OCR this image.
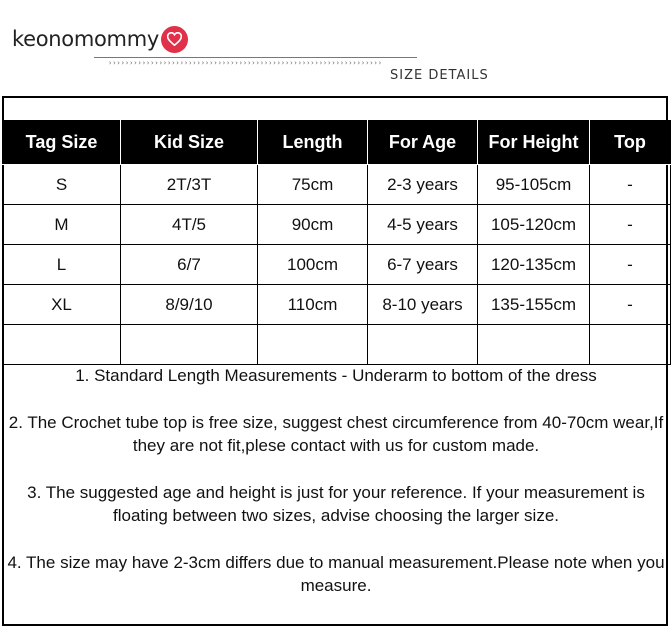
keonomommy
›››››››››››››››››››››››››››››››››››››››››››››››››››››››››››››››››
SIZE DETAILS
Tag Size	Kid Size	Length	For Age	For Height	Top
S	2T/3T	75cm	2-3 years	95-105cm	-
M	4T/5	90cm	4-5 years	105-120cm	-
L	6/7	100cm	6-7 years	120-135cm	-
XL	8/9/10	110cm	8-10 years	135-155cm	-

1. Standard Length Measurements - Underarm to bottom of the dress

2. The Crochet tube top is free size, suggest chest circumference from 40-70cm wear,If they are not fit,plese contact with us for custom made.

3. The suggested age and height is just for your reference. If your measurement is floating between two sizes, advise choosing the larger size.

4. The size may have 2-3cm differs due to manual measurement.Please note when you measure.
